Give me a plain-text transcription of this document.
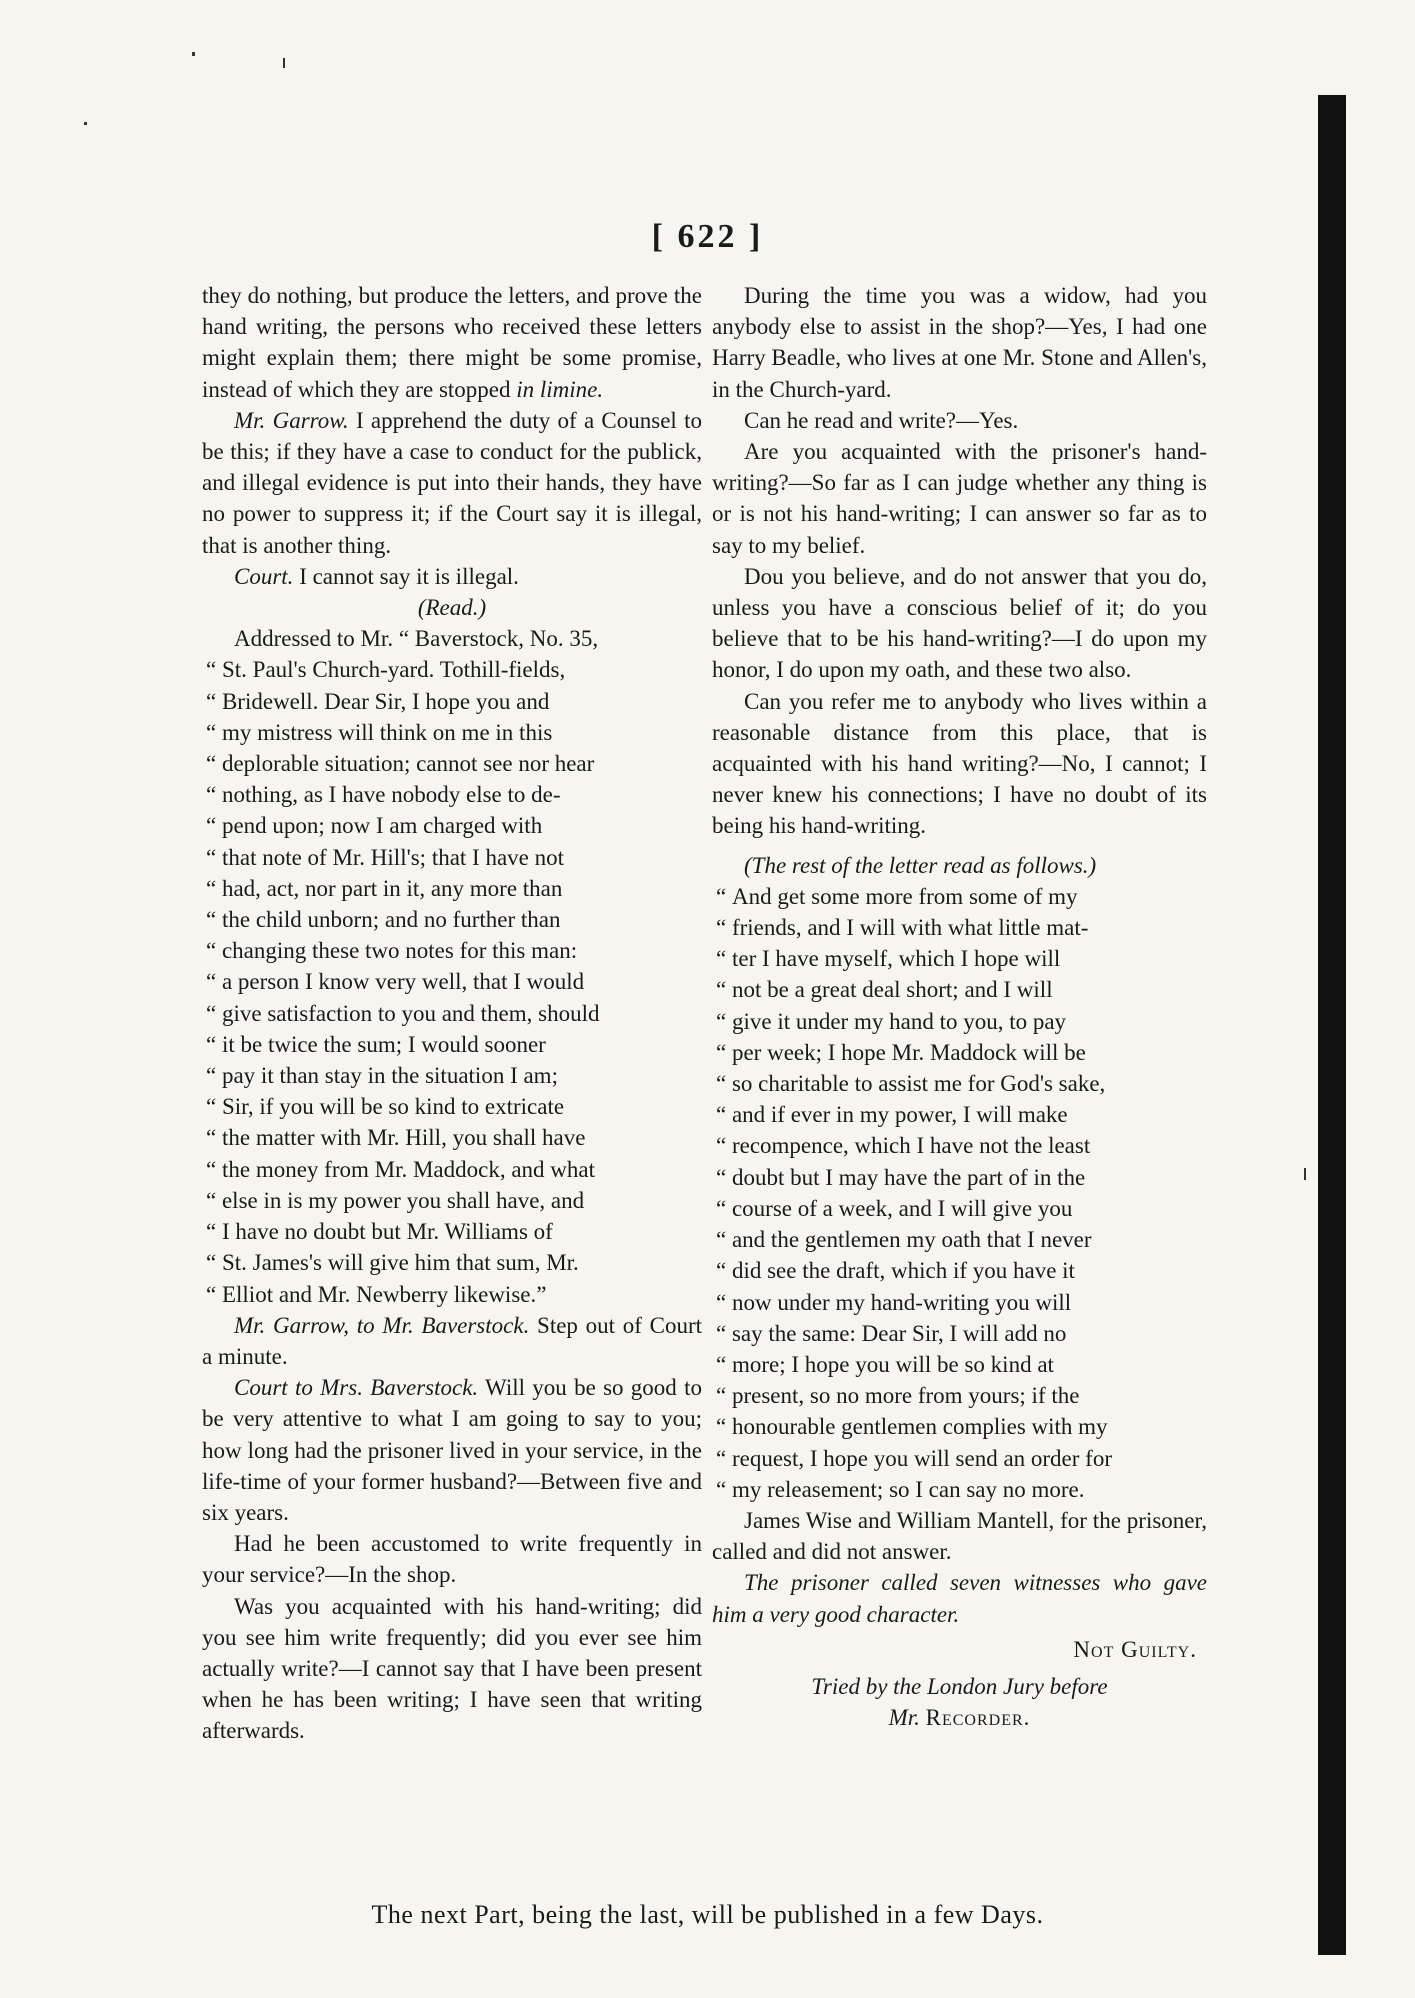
[ 622 ]

they do nothing, but produce the letters, and prove the hand writing, the persons who received these letters might explain them; there might be some promise, instead of which they are stopped in limine.

Mr. Garrow. I apprehend the duty of a Counsel to be this; if they have a case to conduct for the publick, and illegal evidence is put into their hands, they have no power to suppress it; if the Court say it is illegal, that is another thing.

Court. I cannot say it is illegal.

(Read.)

Addressed to Mr. “ Baverstock, No. 35,

“ St. Paul's Church-yard. Tothill-fields,
“ Bridewell. Dear Sir, I hope you and
“ my mistress will think on me in this
“ deplorable situation; cannot see nor hear
“ nothing, as I have nobody else to de-
“ pend upon; now I am charged with
“ that note of Mr. Hill's; that I have not
“ had, act, nor part in it, any more than
“ the child unborn; and no further than
“ changing these two notes for this man:
“ a person I know very well, that I would
“ give satisfaction to you and them, should
“ it be twice the sum; I would sooner
“ pay it than stay in the situation I am;
“ Sir, if you will be so kind to extricate
“ the matter with Mr. Hill, you shall have
“ the money from Mr. Maddock, and what
“ else in is my power you shall have, and
“ I have no doubt but Mr. Williams of
“ St. James's will give him that sum, Mr.
“ Elliot and Mr. Newberry likewise.”

Mr. Garrow, to Mr. Baverstock. Step out of Court a minute.

Court to Mrs. Baverstock. Will you be so good to be very attentive to what I am going to say to you; how long had the prisoner lived in your service, in the life-time of your former husband?—Between five and six years.

Had he been accustomed to write frequently in your service?—In the shop.

Was you acquainted with his hand-writing; did you see him write frequently; did you ever see him actually write?—I cannot say that I have been present when he has been writing; I have seen that writing afterwards.

During the time you was a widow, had you anybody else to assist in the shop?—Yes, I had one Harry Beadle, who lives at one Mr. Stone and Allen's, in the Church-yard.

Can he read and write?—Yes.

Are you acquainted with the prisoner's hand-writing?—So far as I can judge whether any thing is or is not his hand-writing; I can answer so far as to say to my belief.

Dou you believe, and do not answer that you do, unless you have a conscious belief of it; do you believe that to be his hand-writing?—I do upon my honor, I do upon my oath, and these two also.

Can you refer me to anybody who lives within a reasonable distance from this place, that is acquainted with his hand writing?—No, I cannot; I never knew his connections; I have no doubt of its being his hand-writing.

(The rest of the letter read as follows.)

“ And get some more from some of my
“ friends, and I will with what little mat-
“ ter I have myself, which I hope will
“ not be a great deal short; and I will
“ give it under my hand to you, to pay
“ per week; I hope Mr. Maddock will be
“ so charitable to assist me for God's sake,
“ and if ever in my power, I will make
“ recompence, which I have not the least
“ doubt but I may have the part of in the
“ course of a week, and I will give you
“ and the gentlemen my oath that I never
“ did see the draft, which if you have it
“ now under my hand-writing you will
“ say the same: Dear Sir, I will add no
“ more; I hope you will be so kind at
“ present, so no more from yours; if the
“ honourable gentlemen complies with my
“ request, I hope you will send an order for
“ my releasement; so I can say no more.

James Wise and William Mantell, for the prisoner, called and did not answer.

The prisoner called seven witnesses who gave him a very good character.

Not Guilty.

Tried by the London Jury before

Mr. Recorder.

The next Part, being the last, will be published in a few Days.
